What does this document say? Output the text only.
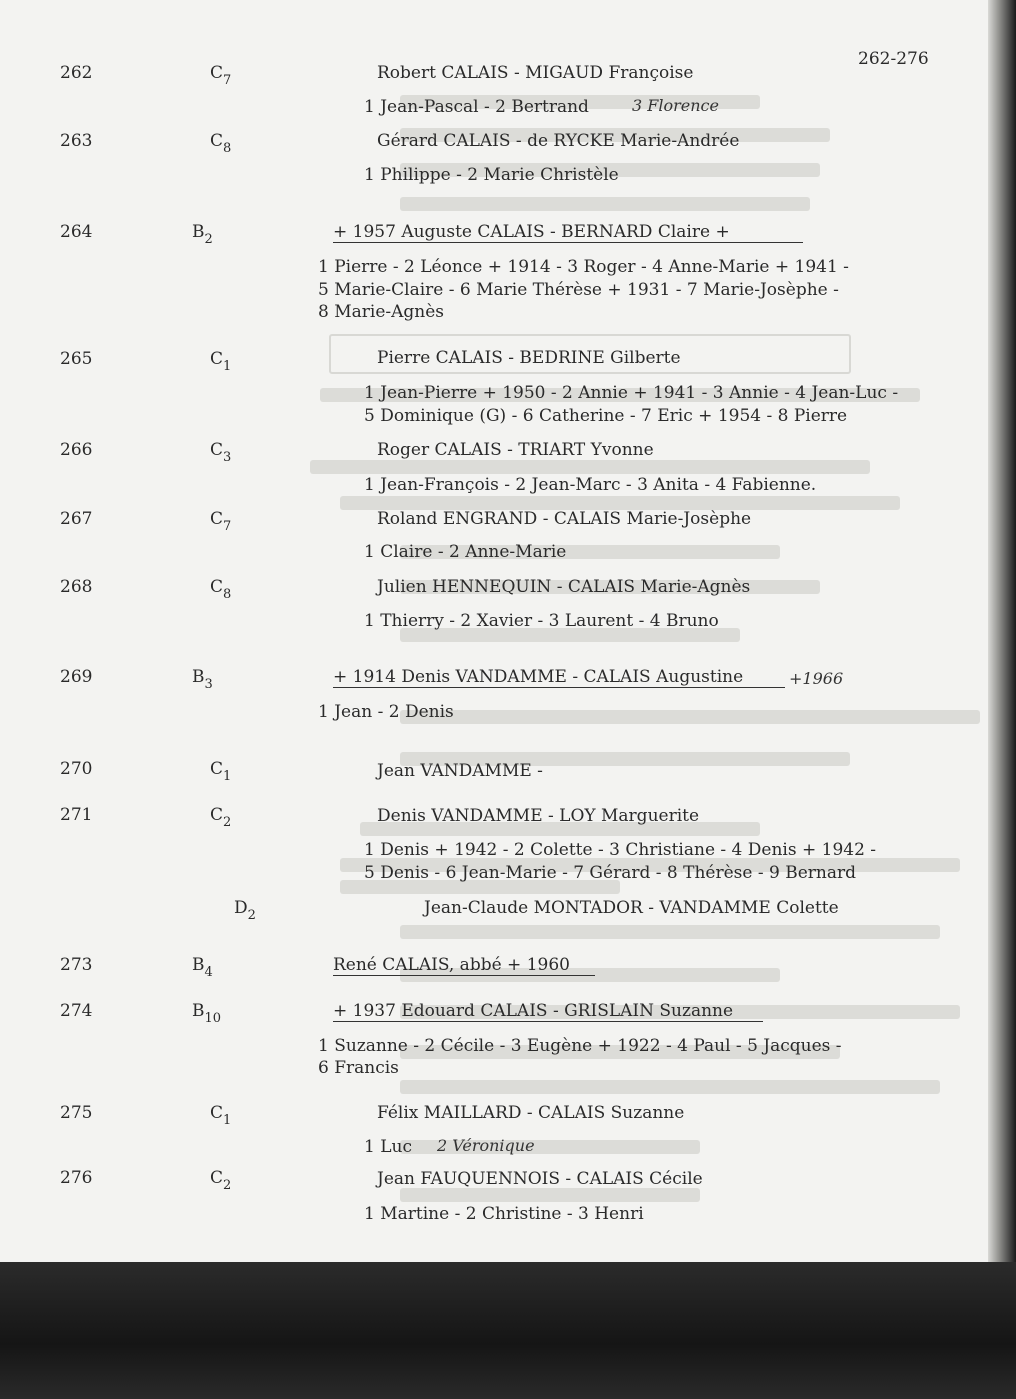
262-276
262	$C_7$	Robert CALAIS - MIGAUD Françoise
1 Jean-Pascal - 2 Bertrand	3 Florence
263	$C_8$	Gérard CALAIS - de RYCKE Marie-Andrée
1 Philippe - 2 Marie Christèle
264	$B_2$	+ 1957 Auguste CALAIS - BERNARD Claire +
1 Pierre - 2 Léonce + 1914 - 3 Roger - 4 Anne-Marie + 1941 -
5 Marie-Claire - 6 Marie Thérèse + 1931 - 7 Marie-Josèphe -
8 Marie-Agnès
265	$C_1$	Pierre CALAIS - BEDRINE Gilberte
1 Jean-Pierre + 1950 - 2 Annie + 1941 - 3 Annie - 4 Jean-Luc -
5 Dominique (G) - 6 Catherine - 7 Eric + 1954 - 8 Pierre
266	$C_3$	Roger CALAIS - TRIART Yvonne
1 Jean-François - 2 Jean-Marc - 3 Anita - 4 Fabienne.
267	$C_7$	Roland ENGRAND - CALAIS Marie-Josèphe
1 Claire - 2 Anne-Marie
268	$C_8$	Julien HENNEQUIN - CALAIS Marie-Agnès
1 Thierry - 2 Xavier - 3 Laurent - 4 Bruno
269	$B_3$	+ 1914 Denis VANDAMME - CALAIS Augustine	+1966
1 Jean - 2 Denis
270	$C_1$	Jean VANDAMME -
271	$C_2$	Denis VANDAMME - LOY Marguerite
1 Denis + 1942 - 2 Colette - 3 Christiane - 4 Denis + 1942 -
5 Denis - 6 Jean-Marie - 7 Gérard - 8 Thérèse - 9 Bernard
$D_2$	Jean-Claude MONTADOR - VANDAMME Colette
273	$B_4$	René CALAIS, abbé + 1960
274	$B_{10}$	+ 1937 Edouard CALAIS - GRISLAIN Suzanne
1 Suzanne - 2 Cécile - 3 Eugène + 1922 - 4 Paul - 5 Jacques -
6 Francis
275	$C_1$	Félix MAILLARD - CALAIS Suzanne
1 Luc 2 Véronique
276	$C_2$	Jean FAUQUENNOIS - CALAIS Cécile
1 Martine - 2 Christine - 3 Henri
